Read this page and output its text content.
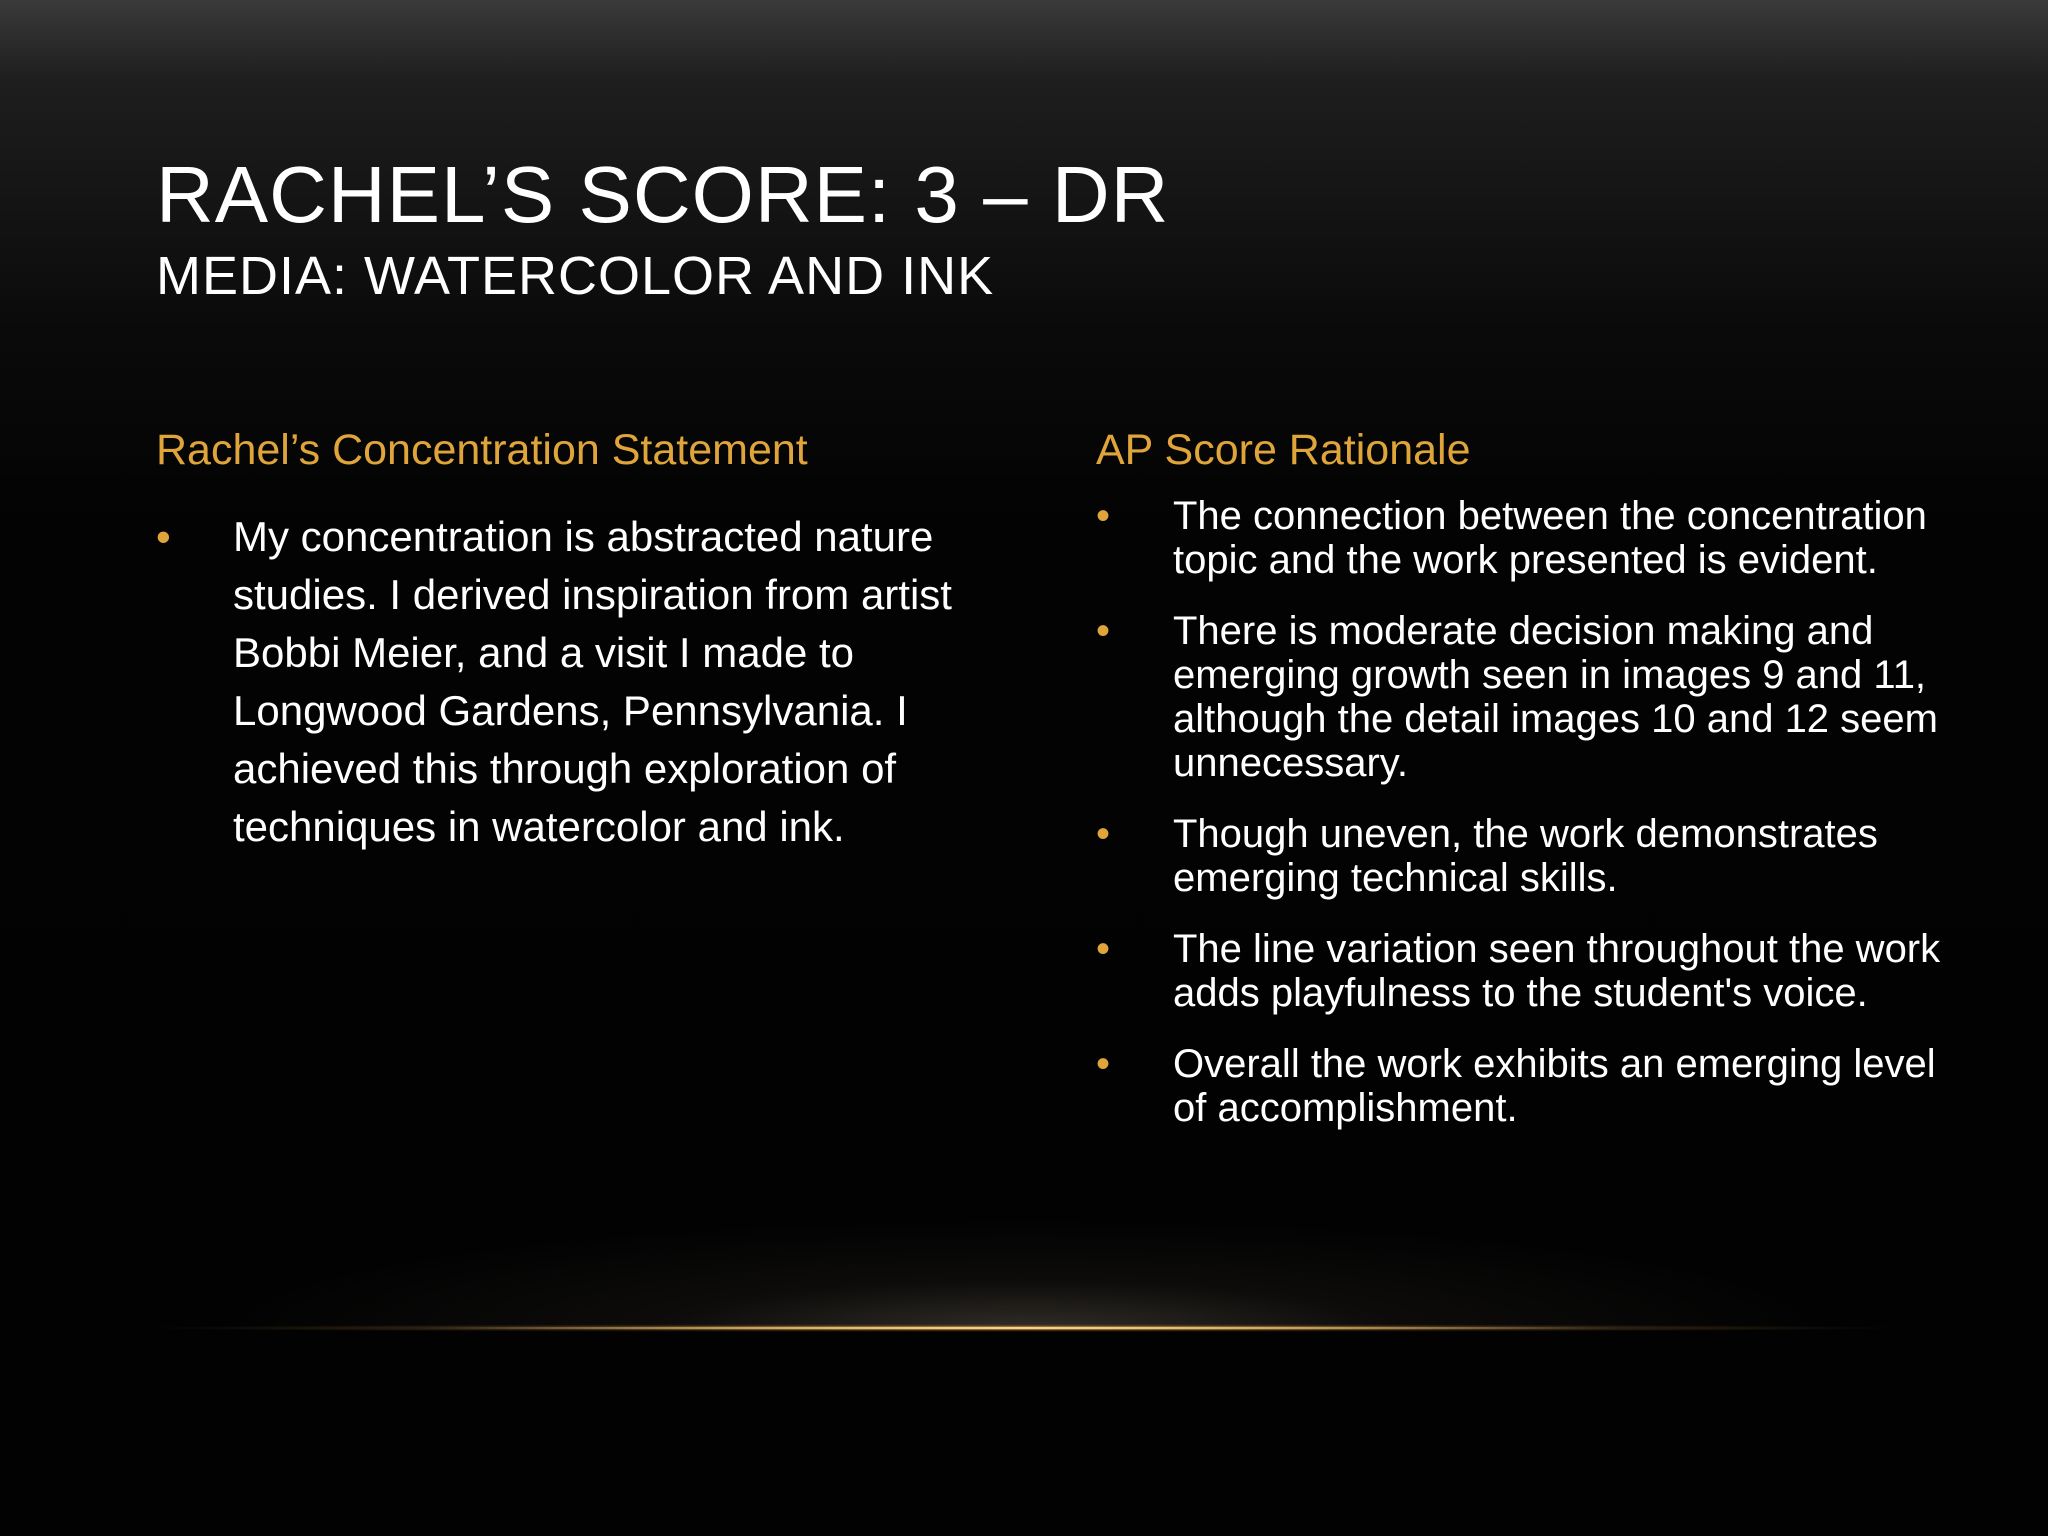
RACHEL’S SCORE: 3 – DR
MEDIA: WATERCOLOR AND INK

Rachel’s Concentration Statement

• My concentration is abstracted nature studies. I derived inspiration from artist Bobbi Meier, and a visit I made to Longwood Gardens, Pennsylvania. I achieved this through exploration of techniques in watercolor and ink.

AP Score Rationale

• The connection between the concentration topic and the work presented is evident.
• There is moderate decision making and emerging growth seen in images 9 and 11, although the detail images 10 and 12 seem unnecessary.
• Though uneven, the work demonstrates emerging technical skills.
• The line variation seen throughout the work adds playfulness to the student's voice.
• Overall the work exhibits an emerging level of accomplishment.
